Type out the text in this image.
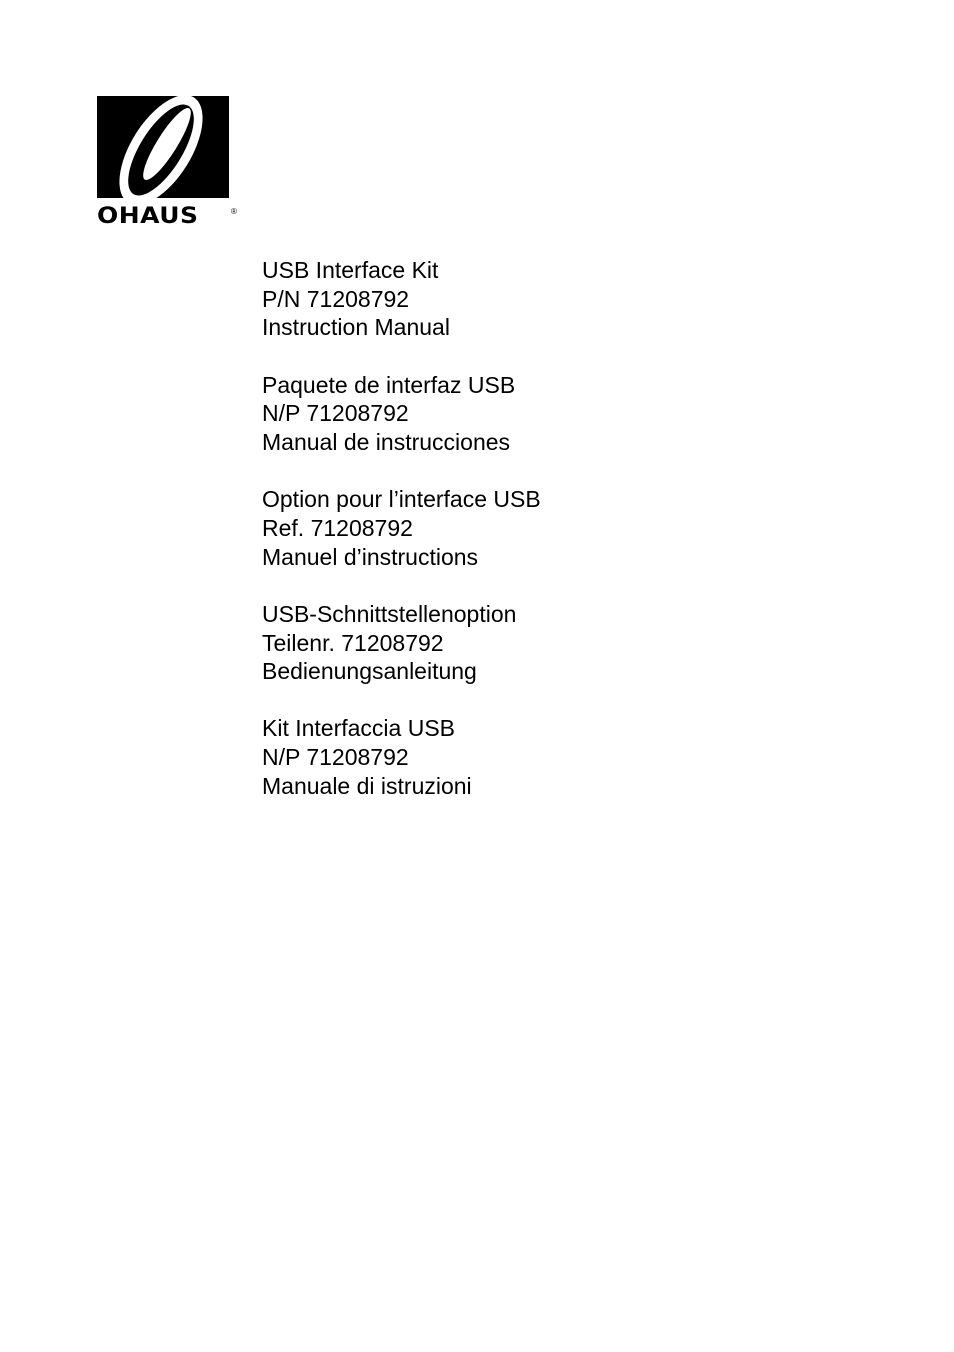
OHAUS	®
USB Interface Kit
P/N 71208792
Instruction Manual
Paquete de interfaz USB
N/P 71208792
Manual de instrucciones
Option pour l’interface USB
Ref. 71208792
Manuel d’instructions
USB-Schnittstellenoption
Teilenr. 71208792
Bedienungsanleitung
Kit Interfaccia USB
N/P 71208792
Manuale di istruzioni
